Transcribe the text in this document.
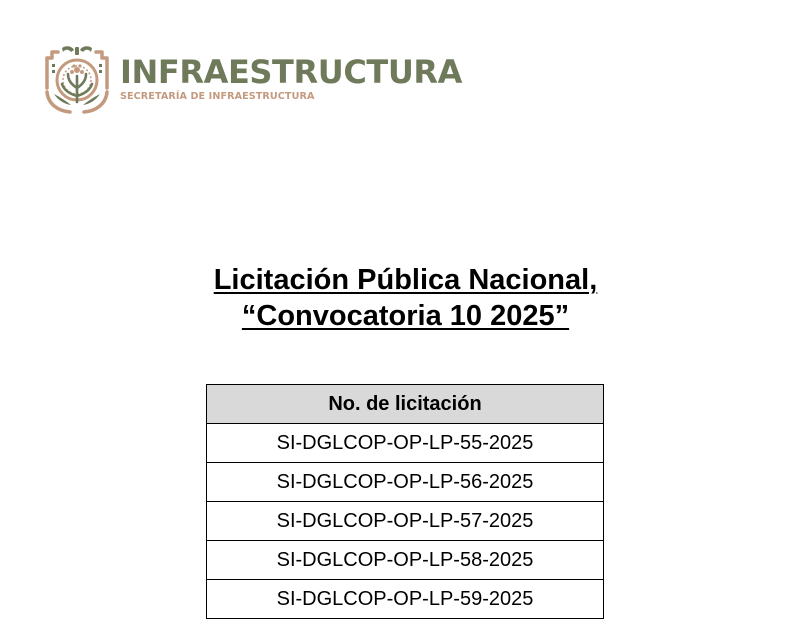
INFRAESTRUCTURA
SECRETARÍA DE INFRAESTRUCTURA
Licitación Pública Nacional,
“Convocatoria 10 2025”
No. de licitación
SI-DGLCOP-OP-LP-55-2025
SI-DGLCOP-OP-LP-56-2025
SI-DGLCOP-OP-LP-57-2025
SI-DGLCOP-OP-LP-58-2025
SI-DGLCOP-OP-LP-59-2025
